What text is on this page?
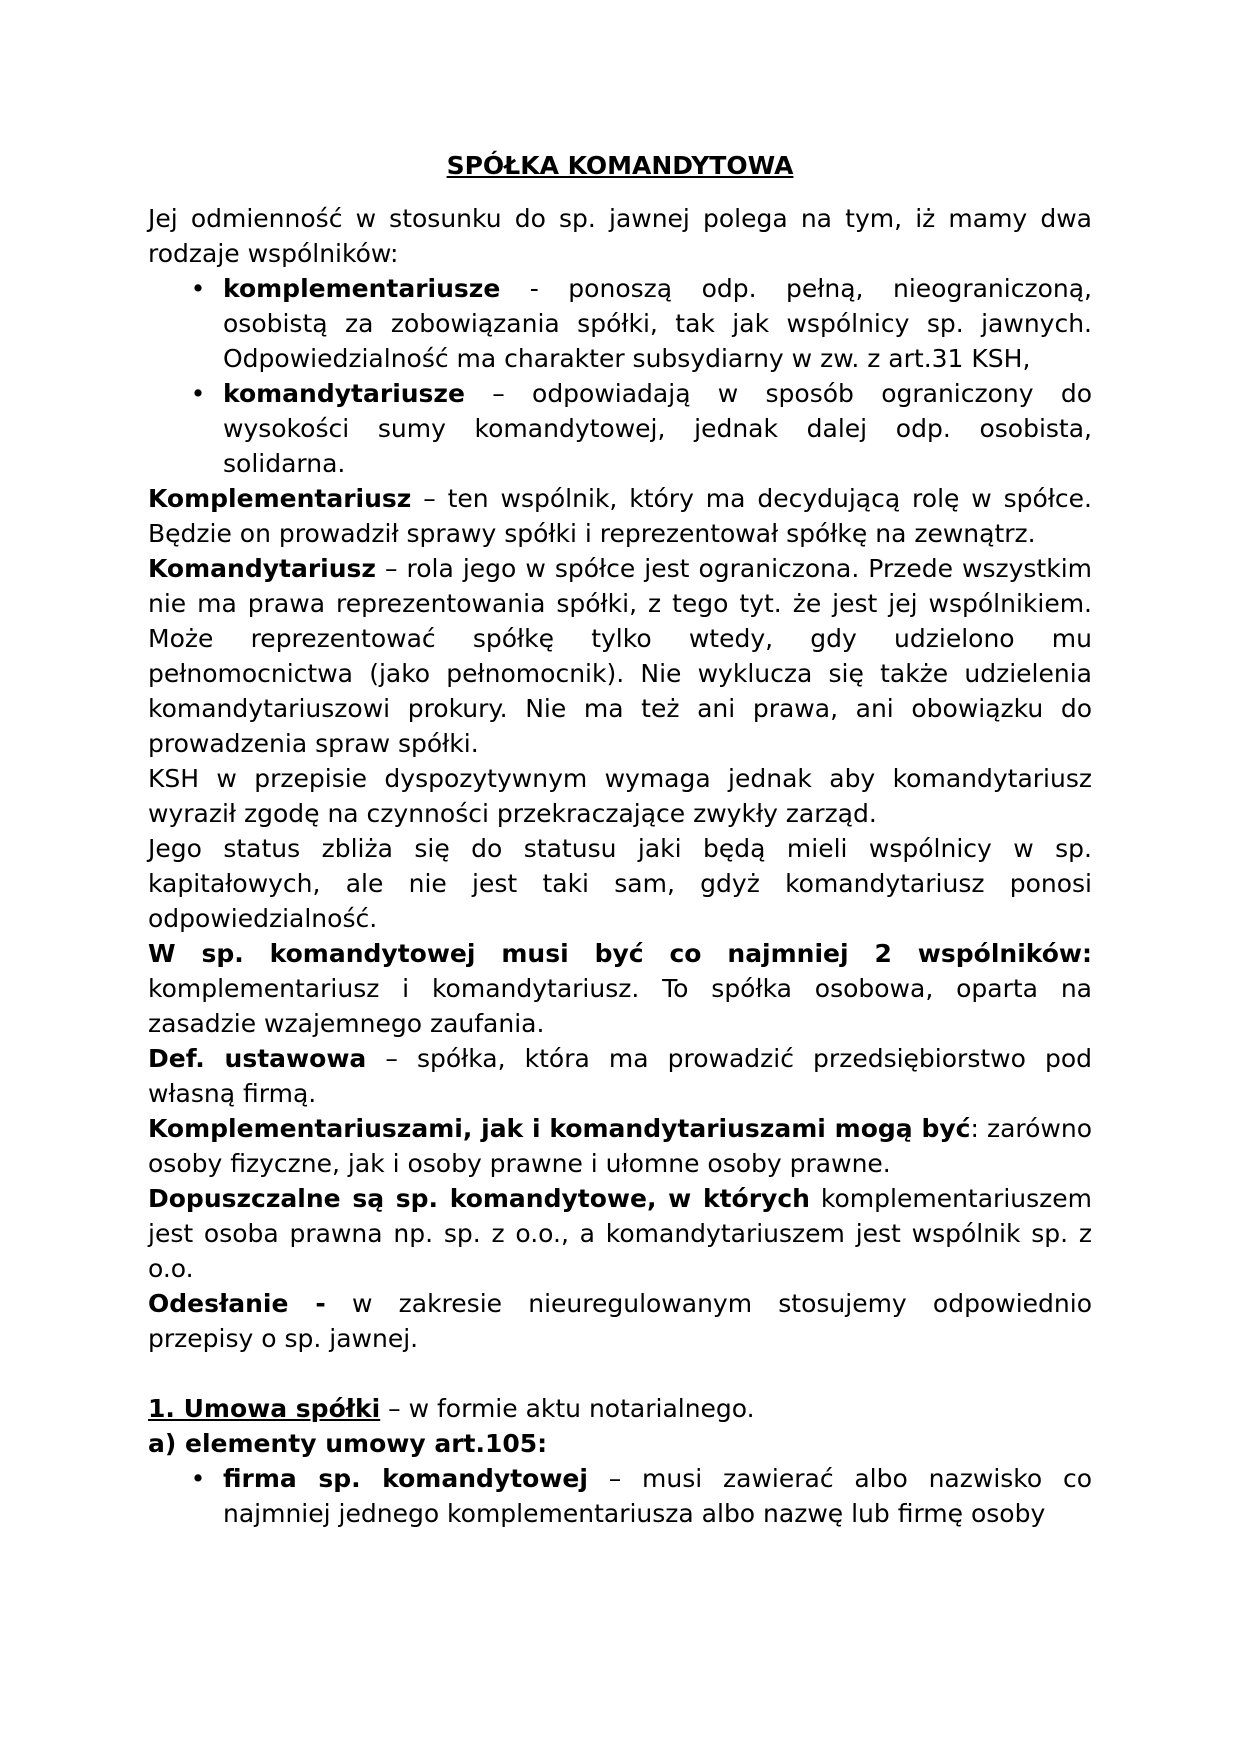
SPÓŁKA KOMANDYTOWA

Jej odmienność w stosunku do sp. jawnej polega na tym, iż mamy dwa rodzaje wspólników:

• komplementariusze - ponoszą odp. pełną, nieograniczoną, osobistą za zobowiązania spółki, tak jak wspólnicy sp. jawnych. Odpowiedzialność ma charakter subsydiarny w zw. z art.31 KSH,
• komandytariusze – odpowiadają w sposób ograniczony do wysokości sumy komandytowej, jednak dalej odp. osobista, solidarna.

Komplementariusz – ten wspólnik, który ma decydującą rolę w spółce. Będzie on prowadził sprawy spółki i reprezentował spółkę na zewnątrz.

Komandytariusz – rola jego w spółce jest ograniczona. Przede wszystkim nie ma prawa reprezentowania spółki, z tego tyt. że jest jej wspólnikiem. Może reprezentować spółkę tylko wtedy, gdy udzielono mu pełnomocnictwa (jako pełnomocnik). Nie wyklucza się także udzielenia komandytariuszowi prokury. Nie ma też ani prawa, ani obowiązku do prowadzenia spraw spółki.

KSH w przepisie dyspozytywnym wymaga jednak aby komandytariusz wyraził zgodę na czynności przekraczające zwykły zarząd.

Jego status zbliża się do statusu jaki będą mieli wspólnicy w sp. kapitałowych, ale nie jest taki sam, gdyż komandytariusz ponosi odpowiedzialność.

W sp. komandytowej musi być co najmniej 2 wspólników: komplementariusz i komandytariusz. To spółka osobowa, oparta na zasadzie wzajemnego zaufania.

Def. ustawowa – spółka, która ma prowadzić przedsiębiorstwo pod własną firmą.

Komplementariuszami, jak i komandytariuszami mogą być: zarówno osoby fizyczne, jak i osoby prawne i ułomne osoby prawne.

Dopuszczalne są sp. komandytowe, w których komplementariuszem jest osoba prawna np. sp. z o.o., a komandytariuszem jest wspólnik sp. z o.o.

Odesłanie - w zakresie nieuregulowanym stosujemy odpowiednio przepisy o sp. jawnej.

1. Umowa spółki – w formie aktu notarialnego.

a) elementy umowy art.105:

• firma sp. komandytowej – musi zawierać albo nazwisko co najmniej jednego komplementariusza albo nazwę lub firmę osoby
